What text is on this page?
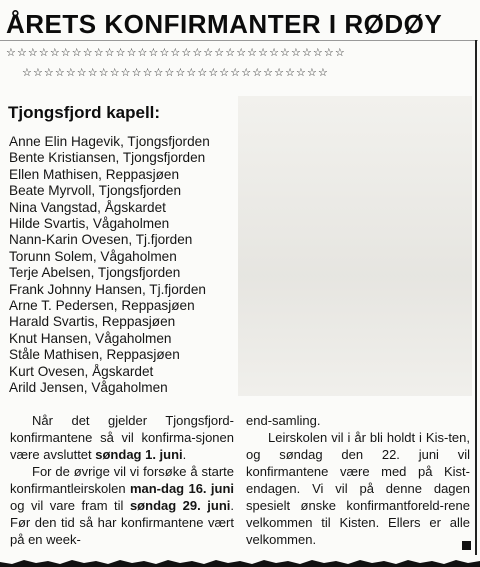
ÅRETS KONFIRMANTER I RØDØY
☆☆☆☆☆☆☆☆☆☆☆☆☆☆☆☆☆☆☆☆☆☆☆☆☆☆☆☆☆☆☆
☆☆☆☆☆☆☆☆☆☆☆☆☆☆☆☆☆☆☆☆☆☆☆☆☆☆☆☆
Tjongsfjord kapell:
Anne Elin Hagevik, Tjongsfjorden
Bente Kristiansen, Tjongsfjorden
Ellen Mathisen, Reppasjøen
Beate Myrvoll, Tjongsfjorden
Nina Vangstad, Ågskardet
Hilde Svartis, Vågaholmen
Nann-Karin Ovesen, Tj.fjorden
Torunn Solem, Vågaholmen
Terje Abelsen, Tjongsfjorden
Frank Johnny Hansen, Tj.fjorden
Arne T. Pedersen, Reppasjøen
Harald Svartis, Reppasjøen
Knut Hansen, Vågaholmen
Ståle Mathisen, Reppasjøen
Kurt Ovesen, Ågskardet
Arild Jensen, Vågaholmen

Når det gjelder Tjongsfjord-konfirmantene så vil konfirma-sjonen være avsluttet søndag 1. juni.

For de øvrige vil vi forsøke å starte konfirmantleirskolen man-dag 16. juni og vil vare fram til søndag 29. juni. Før den tid så har konfirmantene vært på en week-

end-samling.

Leirskolen vil i år bli holdt i Kis-ten, og søndag den 22. juni vil konfirmantene være med på Kist-endagen. Vi vil på denne dagen spesielt ønske konfirmantforeld-rene velkommen til Kisten. Ellers er alle velkommen.
